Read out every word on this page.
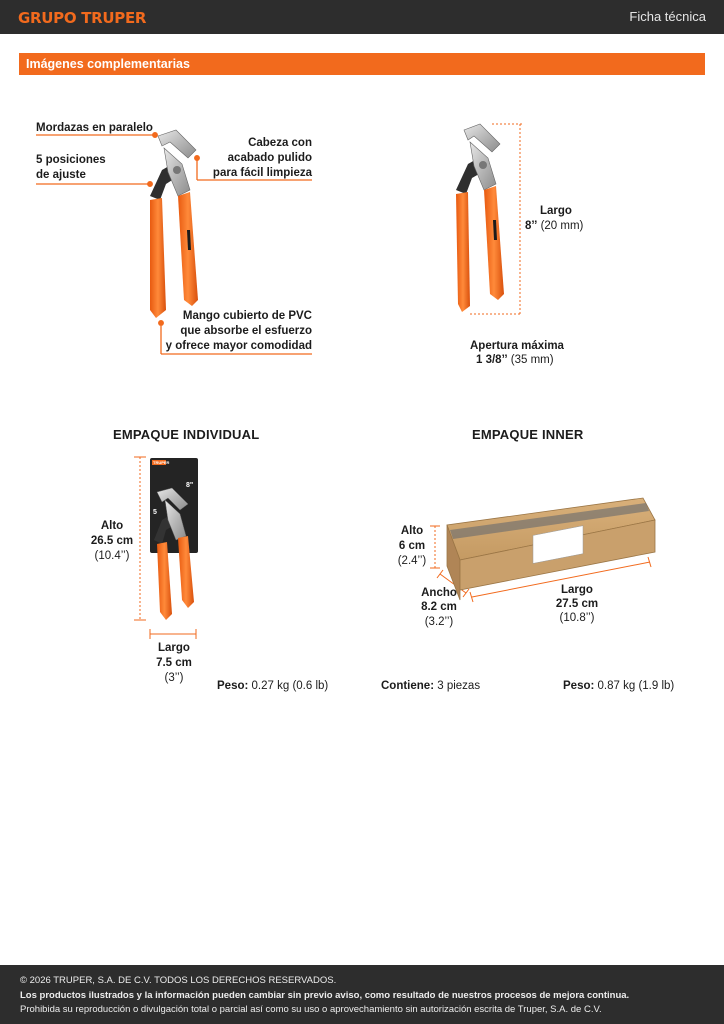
GRUPO TRUPER	Ficha técnica
Imágenes complementarias
TRUPER
8"
5
Mordazas en paralelo
5 posiciones
de ajuste
Cabeza con
acabado pulido
para fácil limpieza
Mango cubierto de PVC
que absorbe el esfuerzo
y ofrece mayor comodidad
Largo
8’’ (20 mm)
Apertura máxima
1 3/8’’ (35 mm)
EMPAQUE INDIVIDUAL
Alto
26.5 cm
(10.4’’)
Largo
7.5 cm
(3’’)
Peso: 0.27 kg (0.6 lb)
EMPAQUE INNER
Alto
6 cm
(2.4’’)
Ancho
8.2 cm
(3.2’’)
Largo
27.5 cm
(10.8’’)
Contiene: 3 piezas	Peso: 0.87 kg (1.9 lb)
© 2026 TRUPER, S.A. DE C.V. TODOS LOS DERECHOS RESERVADOS.
Los productos ilustrados y la información pueden cambiar sin previo aviso, como resultado de nuestros procesos de mejora continua.
Prohibida su reproducción o divulgación total o parcial así como su uso o aprovechamiento sin autorización escrita de Truper, S.A. de C.V.
